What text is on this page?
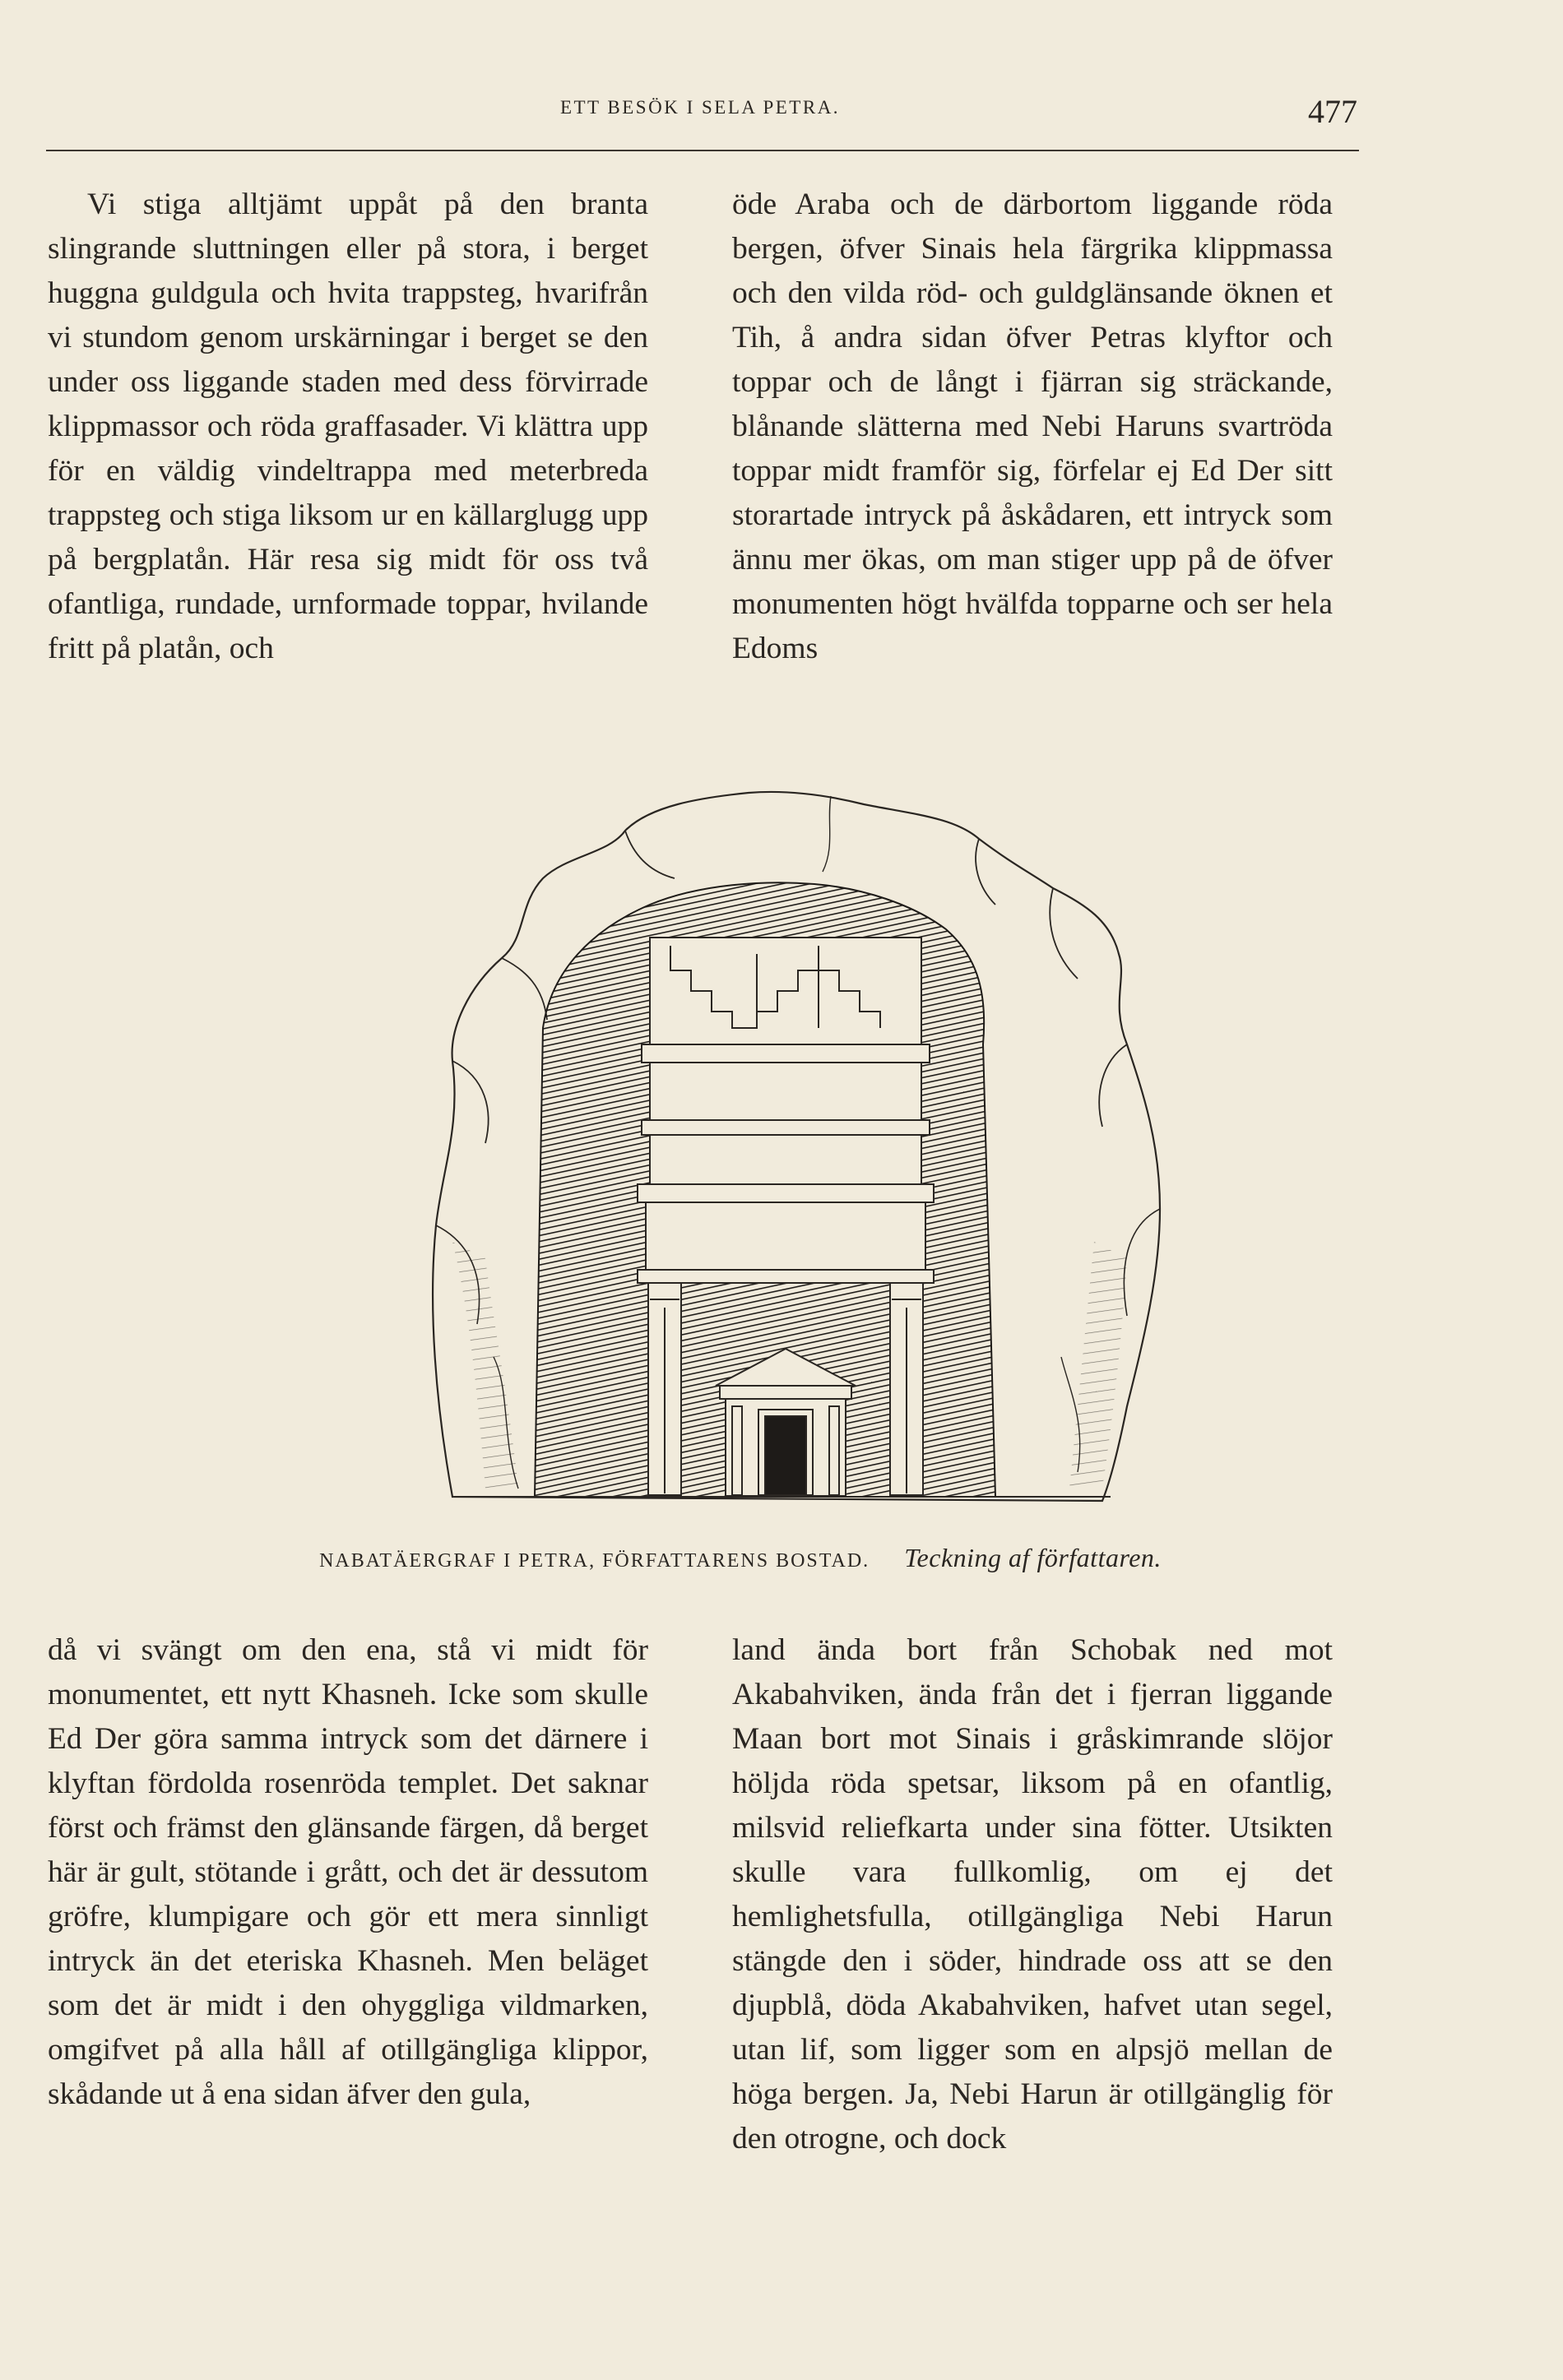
ETT BESÖK I SELA PETRA.	477

Vi stiga alltjämt uppåt på den branta slingrande sluttningen eller på stora, i berget huggna guldgula och hvita trappsteg, hvarifrån vi stundom genom urskärningar i berget se den under oss liggande staden med dess förvirrade klippmassor och röda graffasader. Vi klättra upp för en väldig vindeltrappa med meterbreda trappsteg och stiga liksom ur en källarglugg upp på bergplatån. Här resa sig midt för oss två ofantliga, rundade, urnformade toppar, hvilande fritt på platån, och

öde Araba och de därbortom liggande röda bergen, öfver Sinais hela färgrika klippmassa och den vilda röd- och guldglänsande öknen et Tih, å andra sidan öfver Petras klyftor och toppar och de långt i fjärran sig sträckande, blånande slätterna med Nebi Haruns svartröda toppar midt framför sig, förfelar ej Ed Der sitt storartade intryck på åskådaren, ett intryck som ännu mer ökas, om man stiger upp på de öfver monumenten högt hvälfda topparne och ser hela Edoms

NABATÄERGRAF I PETRA, FÖRFATTARENS BOSTAD. Teckning af författaren.

då vi svängt om den ena, stå vi midt för monumentet, ett nytt Khasneh. Icke som skulle Ed Der göra samma intryck som det därnere i klyftan fördolda rosenröda templet. Det saknar först och främst den glänsande färgen, då berget här är gult, stötande i grått, och det är dessutom gröfre, klumpigare och gör ett mera sinnligt intryck än det eteriska Khasneh. Men beläget som det är midt i den ohyggliga vildmarken, omgifvet på alla håll af otillgängliga klippor, skådande ut å ena sidan äfver den gula,

land ända bort från Schobak ned mot Akabahviken, ända från det i fjerran liggande Maan bort mot Sinais i gråskimrande slöjor höljda röda spetsar, liksom på en ofantlig, milsvid reliefkarta under sina fötter. Utsikten skulle vara fullkomlig, om ej det hemlighetsfulla, otillgängliga Nebi Harun stängde den i söder, hindrade oss att se den djupblå, döda Akabahviken, hafvet utan segel, utan lif, som ligger som en alpsjö mellan de höga bergen. Ja, Nebi Harun är otillgänglig för den otrogne, och dock
